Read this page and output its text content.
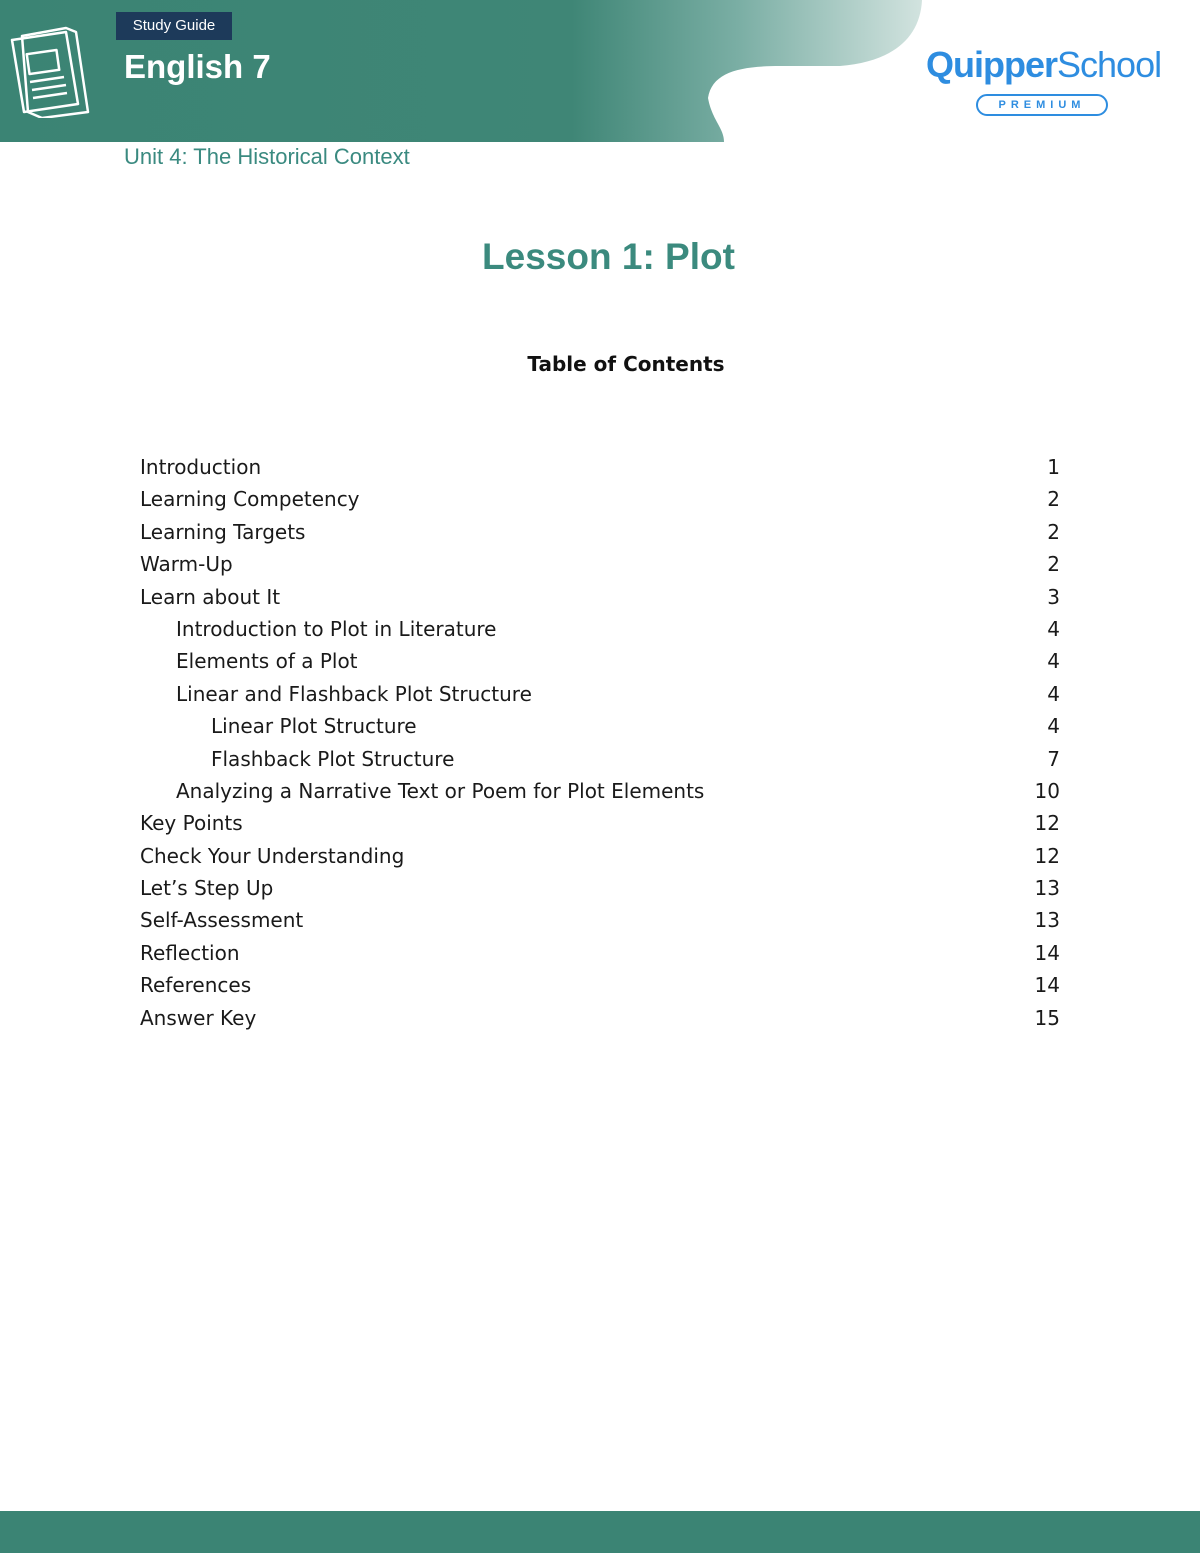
Study Guide
English 7	QuipperSchool
PREMIUM
Unit 4: The Historical Context
Lesson 1: Plot
Table of Contents
Introduction	1
Learning Competency	2
Learning Targets	2
Warm-Up	2
Learn about It	3
Introduction to Plot in Literature	4
Elements of a Plot	4
Linear and Flashback Plot Structure	4
Linear Plot Structure	4
Flashback Plot Structure	7
Analyzing a Narrative Text or Poem for Plot Elements	10
Key Points	12
Check Your Understanding	12
Let’s Step Up	13
Self-Assessment	13
Reflection	14
References	14
Answer Key	15
